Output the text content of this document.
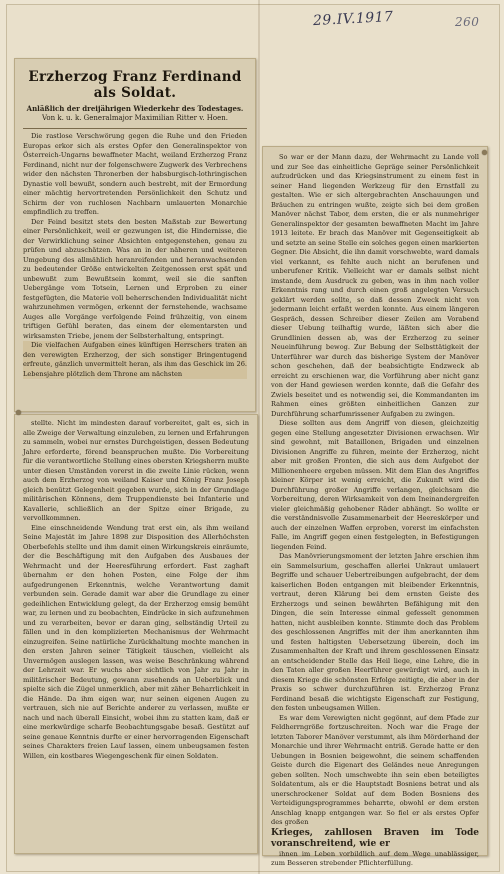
29.IV.1917	260
Erzherzog Franz Ferdinand als Soldat.
Anläßlich der dreijährigen Wiederkehr des Todestages.
Von k. u. k. Generalmajor Maximilian Ritter v. Hoen.

Die rastlose Verschwörung gegen die Ruhe und den Frieden Europas erkor sich als erstes Opfer den Generalinspektor von Österreich-Ungarns bewaffneter Macht, weiland Erzherzog Franz Ferdinand, nicht nur der folgenschwere Zugwerk des Verbrechens wider den nächsten Thronerben der habsburgisch-lothringischen Dynastie voll bewußt, sondern auch bestrebt, mit der Ermordung einer mächtig hervortretenden Persönlichkeit den Schutz und Schirm der von ruchlosen Nachbarn umlauerten Monarchie empfindlich zu treffen.

Der Feind besitzt stets den besten Maßstab zur Bewertung einer Persönlichkeit, weil er gezwungen ist, die Hindernisse, die der Verwirklichung seiner Absichten entgegenstehen, genau zu prüfen und abzuschätzen. Was an in der näheren und weiteren Umgebung des allmählich heranreifenden und heranwachsenden zu bedeutender Größe entwickelten Zeitgenossen erst spät und unbewußt zum Bewußtsein kommt, weil sie die sanften Uebergänge vom Totsein, Lernen und Erproben zu einer festgefügten, die Materie voll beherrschenden Individualität nicht wahrzunehmen vermögen, erkennt der fernstehende, wachsame Auges alle Vorgänge verfolgende Feind frühzeitig, von einem triftigen Gefühl beraten, das einem der elementarsten und wirksamsten Triebe, jenem der Selbsterhaltung, entspringt.

Die vielfachen Aufgaben eines künftigen Herrschers traten an den verewigten Erzherzog, der sich sonstiger Bringentugend erfreute, gänzlich unvermittelt heran, als ihm das Geschick im 26. Lebensjahre plötzlich dem Throne am nächsten

stellte. Nicht im mindesten darauf vorbereitet, galt es, sich in alle Zweige der Verwaltung einzuleben, zu lernen und Erfahrungen zu sammeln, wobei nur ernstes Durchgeistigen, dessen Bedeutung Jahre erforderte, förend beanspruchen mußte. Die Vorbereitung für die verantwortliche Stellung eines obersten Kriegsherrn mußte unter diesen Umständen vorerst in die zweite Linie rücken, wenn auch dem Erzherzog von weiland Kaiser und König Franz Joseph gleich benützt Gelegenheit gegeben wurde, sich in der Grundlage militärischen Könnens, dem Truppendienste bei Infanterie und Kavallerie, schließlich an der Spitze einer Brigade, zu vervollkommnen.

Eine einschneidende Wendung trat erst ein, als ihm weiland Seine Majestät im Jahre 1898 zur Disposition des Allerhöchsten Oberbefehls stellte und ihm damit einen Wirkungskreis einräumte, der die Beschäftigung mit den Aufgaben des Ausbaues der Wehrmacht und der Heeresführung erfordert. Fast zaghaft übernahm er den hohen Posten, eine Folge der ihm aufgedrungenen Erkenntnis, welche Verantwortung damit verbunden sein. Gerade damit war aber die Grundlage zu einer gedeihlichen Entwicklung gelegt, da der Erzherzog emsig bemüht war, zu lernen und zu beobachten, Eindrücke in sich aufzunehmen und zu verarbeiten, bevor er daran ging, selbständig Urteil zu fällen und in den komplizierten Mechanismus der Wehrmacht einzugreifen. Seine natürliche Zurückhaltung mochte manchen in den ersten Jahren seiner Tätigkeit täuschen, vielleicht als Unvermögen auslegen lassen, was weise Beschränkung während der Lehrzeit war. Er wuchs aber sichtlich von Jahr zu Jahr in militärischer Bedeutung, gewann zusehends an Ueberblick und spielte sich die Zügel unmerklich, aber mit zäher Beharrlichkeit in die Hände. Da ihm eigen war, nur seinen eigenen Augen zu vertrauen, sich nie auf Berichte anderer zu verlassen, mußte er nach und nach überall Einsicht, wobei ihm zu statten kam, daß er eine merkwürdige scharfe Beobachtungsgabe besaß. Gestützt auf seine genaue Kenntnis durfte er einer hervorragenden Eigenschaft seines Charakters freien Lauf lassen, einem unbeugsamen festen Willen, ein kostbares Wiegengeschenk für einen Soldaten.

So war er der Mann dazu, der Wehrmacht zu Lande voll und zur See das einheitliche Gepräge seiner Persönlichkeit aufzudrücken und das Kriegsinstrument zu einem fest in seiner Hand liegenden Werkzeug für den Ernstfall zu gestalten. Wie er sich altergebrachten Anschauungen und Bräuchen zu entringen wußte, zeigte sich bei dem großen Manöver nächst Tabor, dem ersten, die er als nunmehriger Generalinspektor der gesamten bewaffneten Macht im Jahre 1913 leitete. Er brach das Manöver mit Gegenseitigkeit ab und setzte an seine Stelle ein solches gegen einen markierten Gegner. Die Absicht, die ihn damit vorschwebte, ward damals viel verkannt, es fehlte auch nicht an berufenen und unberufener Kritik. Vielleicht war er damals selbst nicht imstande, dem Ausdruck zu geben, was in ihm nach voller Erkenntnis rang und durch einen groß angelegten Versuch geklärt werden sollte, so daß dessen Zweck nicht von jedermann leicht erfaßt werden konnte. Aus einem längeren Gespräch, dessen Schreiber dieser Zeilen am Vorabend dieser Uebung teilhaftig wurde, läßten sich aber die Grundlinien dessen ab, was der Erzherzog zu seiner Neueinführung bewog. Zur Bebung der Selbsttätigkeit der Unterführer war durch das bisherige System der Manöver schon geschehen, daß der beabsichtigte Endzweck ab erreicht zu erschienen war, die Vorführung aber nicht ganz von der Hand gewiesen werden konnte, daß die Gefahr des Zwiels beseitet und es notwendig sei, die Kommandanten im Rahmen eines größten einheitlichen Ganzen zur Durchführung scharfumrissener Aufgaben zu zwingen.

Diese sollten aus dem Angriff von diesen, gleichzeitig gegen eine Stellung angesetzter Divisionen erwachsen. Wir sind gewohnt, mit Bataillonen, Brigaden und einzelnen Divisionen Angriffe zu führen, meinte der Erzherzog, nicht aber mit großen Fronten, die sich aus dem Aufgebot der Millionenheere ergeben müssen. Mit dem Elan des Angriffes kleiner Körper ist wenig erreicht, die Zukunft wird die Durchführung großer Angriffe verlangen, gleichsam die Vorbereitung, deren Wirksamkeit von dem Ineinandergreifen vieler gleichmäßig gehobener Räder abhängt. So wollte er die verständnisvolle Zusammenarbeit der Heereskörper und auch der einzelnen Waffen erproben, vorerst im einfachsten Falle, im Angriff gegen einen festgelegten, in Befestigungen liegenden Feind.

Das Manövrierungsmoment der letzten Jahre erschien ihm ein Sammelsurium, geschaffen allerlei Unkraut umlauert Begriffe und schauer Uebertreibungen aufgebracht, der dem kaiserlichen Boden entgangen mit bleibender Erkenntnis, vertraut, deren Klärung bei dem ernsten Geiste des Erzherzogs und seinen bewährten Befähigung mit den Dingen, die sein Interesse einmal gefesselt genommen hatten, nicht ausbleiben konnte. Stimmte doch das Problem des geschlossenen Angriffes mit der ihm anerkannten ihm und festen haltigsten Uebersetzung überein, doch im Zusammenhalten der Kraft und ihrem geschlossenen Einsatz an entscheidender Stelle das Heil liege, eine Lehre, die in den Taten aller großen Heerführer gewürdigt wird, auch in diesem Kriege die schönsten Erfolge zeitigte, die aber in der Praxis so schwer durchzuführen ist. Erzherzog Franz Ferdinand besaß die wichtigste Eigenschaft zur Festigung, den festen unbeugsamen Willen.

Es war dem Verewigten nicht gegönnt, auf dem Pfade zur Feldherrngröße fortzuschreiten. Noch war die Frage der letzten Taborer Manöver verstummt, als ihm Mörderhand der Monarchie und ihrer Wehrmacht entriß. Gerade hatte er den Uebungen in Bosnien beigewohnt, die seinem schaffenden Geiste durch die Eigenart des Geländes neue Anregungen geben sollten. Noch umschwebte ihn sein eben beteiligtes Soldatentum, als er die Hauptstadt Bosniens betrat und als unerschrockener Soldat auf dem Boden Bosniens des Verteidigungsprogrammes beharrte, obwohl er dem ersten Anschlag knapp entgangen war. So fiel er als erstes Opfer des großen

Krieges, zahllosen Braven im Tode voranschreitend, wie er

ihnen im Leben vorbildlich auf dem Wege unablässiger, zum Besseren strebender Pflichterfüllung.
